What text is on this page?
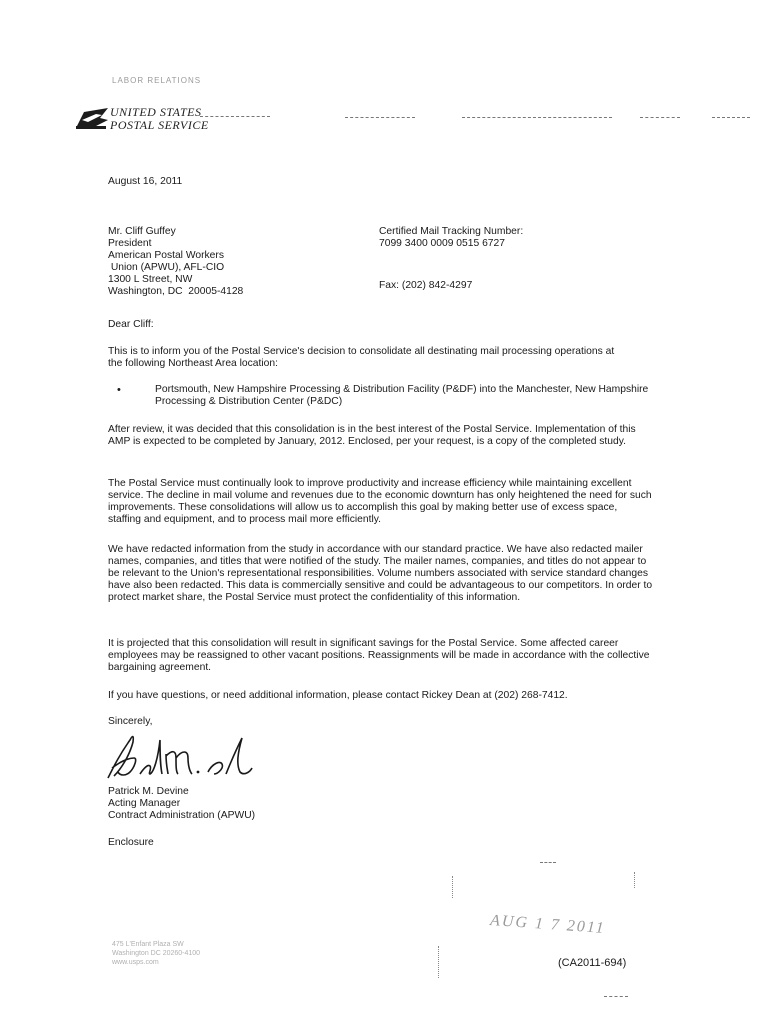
LABOR RELATIONS
UNITED STATES
POSTAL SERVICE
August 16, 2011
Mr. Cliff Guffey
President
American Postal Workers
Union (APWU), AFL-CIO
1300 L Street, NW
Washington, DC  20005-4128
Certified Mail Tracking Number:
7099 3400 0009 0515 6727
Fax: (202) 842-4297
Dear Cliff:
This is to inform you of the Postal Service's decision to consolidate all destinating mail processing operations at the following Northeast Area location:
•	Portsmouth, New Hampshire Processing & Distribution Facility (P&DF) into the Manchester, New Hampshire Processing & Distribution Center (P&DC)
After review, it was decided that this consolidation is in the best interest of the Postal Service. Implementation of this AMP is expected to be completed by January, 2012. Enclosed, per your request, is a copy of the completed study.
The Postal Service must continually look to improve productivity and increase efficiency while maintaining excellent service. The decline in mail volume and revenues due to the economic downturn has only heightened the need for such improvements. These consolidations will allow us to accomplish this goal by making better use of excess space, staffing and equipment, and to process mail more efficiently.
We have redacted information from the study in accordance with our standard practice. We have also redacted mailer names, companies, and titles that were notified of the study. The mailer names, companies, and titles do not appear to be relevant to the Union's representational responsibilities. Volume numbers associated with service standard changes have also been redacted. This data is commercially sensitive and could be advantageous to our competitors. In order to protect market share, the Postal Service must protect the confidentiality of this information.
It is projected that this consolidation will result in significant savings for the Postal Service. Some affected career employees may be reassigned to other vacant positions. Reassignments will be made in accordance with the collective bargaining agreement.
If you have questions, or need additional information, please contact Rickey Dean at (202) 268-7412.
Sincerely,
Patrick M. Devine
Acting Manager
Contract Administration (APWU)
Enclosure
475 L'Enfant Plaza SW
Washington DC 20260-4100
www.usps.com
AUG 1 7 2011
(CA2011-694)
